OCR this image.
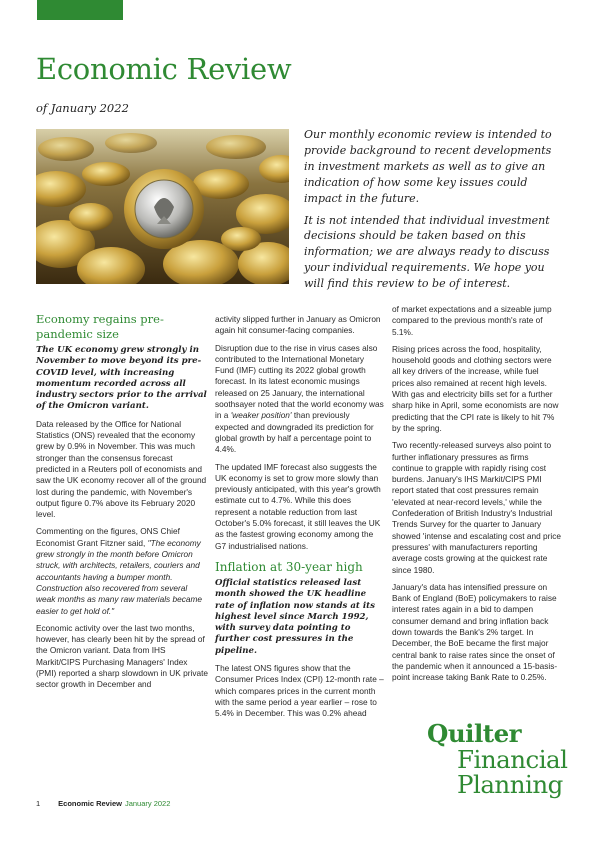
Economic Review
of January 2022

Our monthly economic review is intended to provide background to recent developments in investment markets as well as to give an indication of how some key issues could impact in the future.

It is not intended that individual investment decisions should be taken based on this information; we are always ready to discuss your individual requirements. We hope you will find this review to be of interest.

Economy regains pre-pandemic size

The UK economy grew strongly in November to move beyond its pre-COVID level, with increasing momentum recorded across all industry sectors prior to the arrival of the Omicron variant.

Data released by the Office for National Statistics (ONS) revealed that the economy grew by 0.9% in November. This was much stronger than the consensus forecast predicted in a Reuters poll of economists and saw the UK economy recover all of the ground lost during the pandemic, with November's output figure 0.7% above its February 2020 level.

Commenting on the figures, ONS Chief Economist Grant Fitzner said, "The economy grew strongly in the month before Omicron struck, with architects, retailers, couriers and accountants having a bumper month. Construction also recovered from several weak months as many raw materials became easier to get hold of."

Economic activity over the last two months, however, has clearly been hit by the spread of the Omicron variant. Data from IHS Markit/CIPS Purchasing Managers' Index (PMI) reported a sharp slowdown in UK private sector growth in December and

activity slipped further in January as Omicron again hit consumer-facing companies.

Disruption due to the rise in virus cases also contributed to the International Monetary Fund (IMF) cutting its 2022 global growth forecast. In its latest economic musings released on 25 January, the international soothsayer noted that the world economy was in a 'weaker position' than previously expected and downgraded its prediction for global growth by half a percentage point to 4.4%.

The updated IMF forecast also suggests the UK economy is set to grow more slowly than previously anticipated, with this year's growth estimate cut to 4.7%. While this does represent a notable reduction from last October's 5.0% forecast, it still leaves the UK as the fastest growing economy among the G7 industrialised nations.

Inflation at 30-year high

Official statistics released last month showed the UK headline rate of inflation now stands at its highest level since March 1992, with survey data pointing to further cost pressures in the pipeline.

The latest ONS figures show that the Consumer Prices Index (CPI) 12-month rate – which compares prices in the current month with the same period a year earlier – rose to 5.4% in December. This was 0.2% ahead

of market expectations and a sizeable jump compared to the previous month's rate of 5.1%.

Rising prices across the food, hospitality, household goods and clothing sectors were all key drivers of the increase, while fuel prices also remained at recent high levels. With gas and electricity bills set for a further sharp hike in April, some economists are now predicting that the CPI rate is likely to hit 7% by the spring.

Two recently-released surveys also point to further inflationary pressures as firms continue to grapple with rapidly rising cost burdens. January's IHS Markit/CIPS PMI report stated that cost pressures remain 'elevated at near-record levels,' while the Confederation of British Industry's Industrial Trends Survey for the quarter to January showed 'intense and escalating cost and price pressures' with manufacturers reporting average costs growing at the quickest rate since 1980.

January's data has intensified pressure on Bank of England (BoE) policymakers to raise interest rates again in a bid to dampen consumer demand and bring inflation back down towards the Bank's 2% target. In December, the BoE became the first major central bank to raise rates since the onset of the pandemic when it announced a 15-basis-point increase taking Bank Rate to 0.25%.

Quilter
Financial
Planning
1 Economic Review January 2022
